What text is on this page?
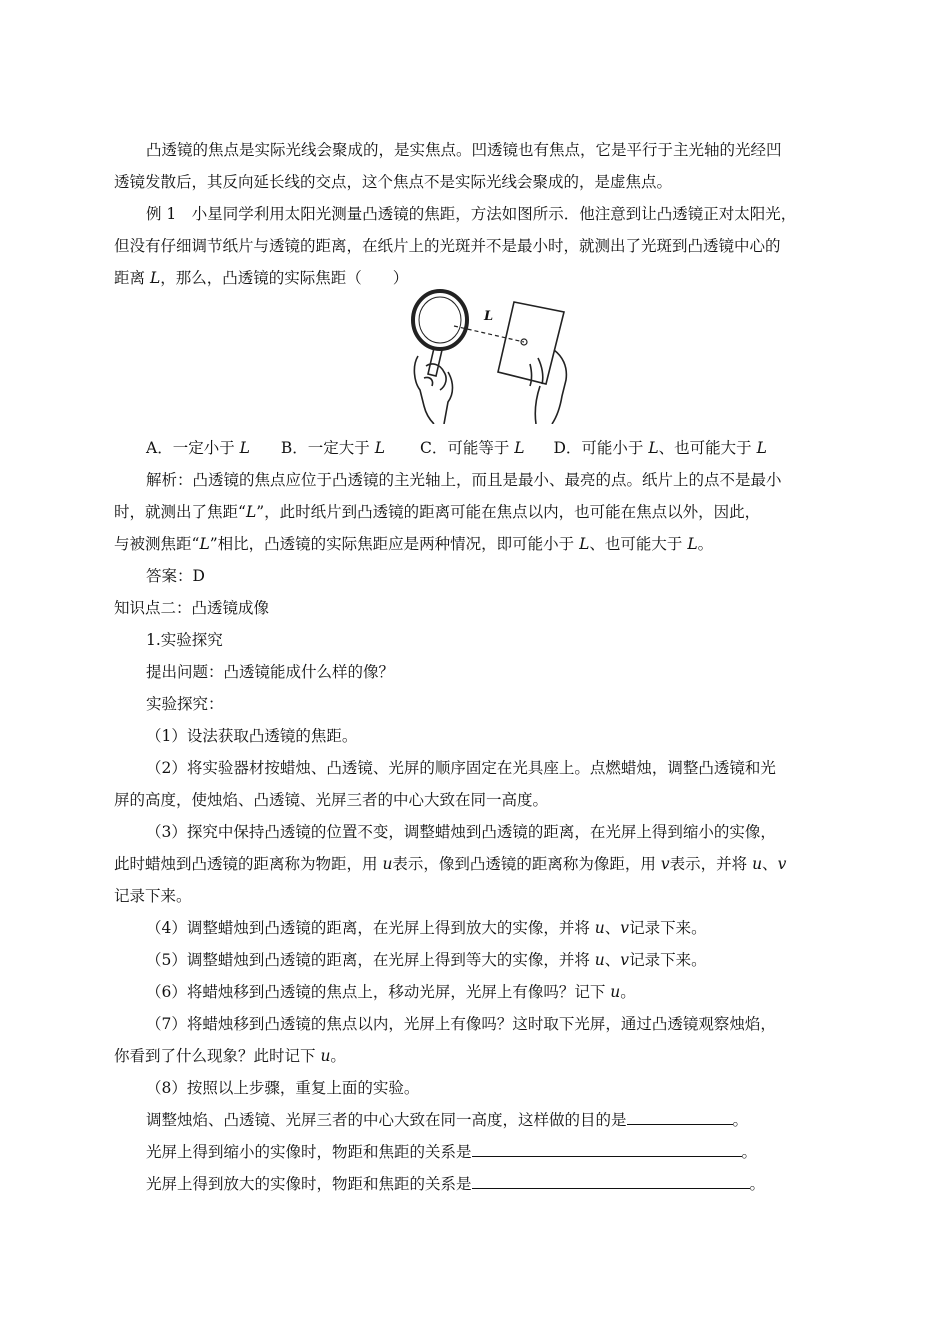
凸透镜的焦点是实际光线会聚成的，是实焦点。凹透镜也有焦点，它是平行于主光轴的光经凹
透镜发散后，其反向延长线的交点，这个焦点不是实际光线会聚成的，是虚焦点。
例 1　小星同学利用太阳光测量凸透镜的焦距，方法如图所示．他注意到让凸透镜正对太阳光，
但没有仔细调节纸片与透镜的距离，在纸片上的光斑并不是最小时，就测出了光斑到凸透镜中心的
距离 L，那么，凸透镜的实际焦距（　　）
L
A．一定小于 L B．一定大于 L C．可能等于 L D．可能小于 L、也可能大于 L
解析：凸透镜的焦点应位于凸透镜的主光轴上，而且是最小、最亮的点。纸片上的点不是最小
时，就测出了焦距“L”，此时纸片到凸透镜的距离可能在焦点以内，也可能在焦点以外，因此，
与被测焦距“L”相比，凸透镜的实际焦距应是两种情况，即可能小于 L、也可能大于 L。
答案：D
知识点二：凸透镜成像
1.实验探究
提出问题：凸透镜能成什么样的像？
实验探究：
（1）设法获取凸透镜的焦距。
（2）将实验器材按蜡烛、凸透镜、光屏的顺序固定在光具座上。点燃蜡烛，调整凸透镜和光
屏的高度，使烛焰、凸透镜、光屏三者的中心大致在同一高度。
（3）探究中保持凸透镜的位置不变，调整蜡烛到凸透镜的距离，在光屏上得到缩小的实像，
此时蜡烛到凸透镜的距离称为物距，用 u表示，像到凸透镜的距离称为像距，用 v表示，并将 u、v
记录下来。
（4）调整蜡烛到凸透镜的距离，在光屏上得到放大的实像，并将 u、v记录下来。
（5）调整蜡烛到凸透镜的距离，在光屏上得到等大的实像，并将 u、v记录下来。
（6）将蜡烛移到凸透镜的焦点上，移动光屏，光屏上有像吗？记下 u。
（7）将蜡烛移到凸透镜的焦点以内，光屏上有像吗？这时取下光屏，通过凸透镜观察烛焰，
你看到了什么现象？此时记下 u。
（8）按照以上步骤，重复上面的实验。
调整烛焰、凸透镜、光屏三者的中心大致在同一高度，这样做的目的是	。
光屏上得到缩小的实像时，物距和焦距的关系是	。
光屏上得到放大的实像时，物距和焦距的关系是	。
